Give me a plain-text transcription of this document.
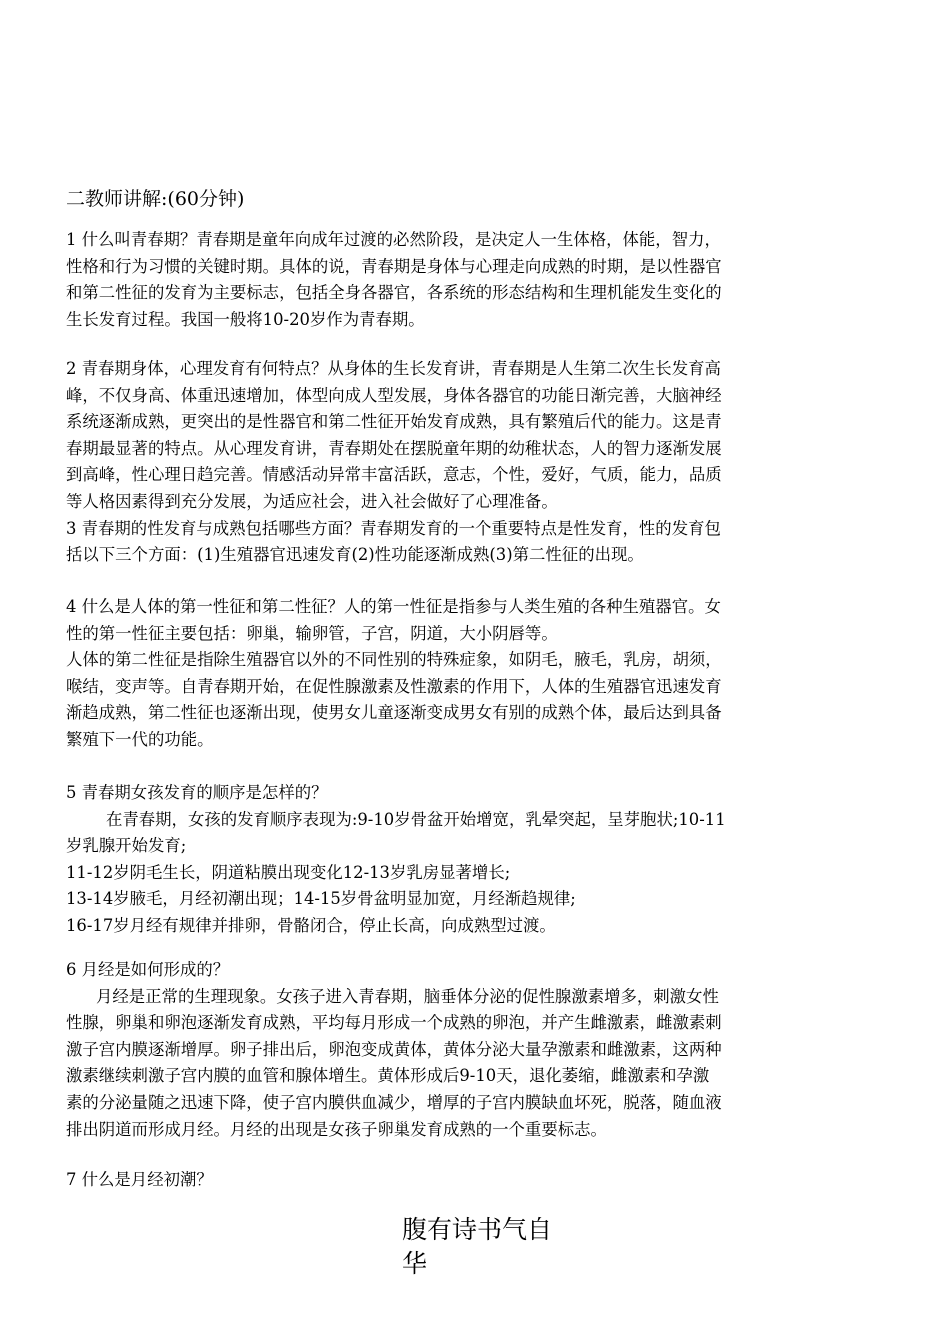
二教师讲解:(60分钟)
1 什么叫青春期？青春期是童年向成年过渡的必然阶段，是决定人一生体格，体能，智力，
性格和行为习惯的关键时期。具体的说，青春期是身体与心理走向成熟的时期，是以性器官
和第二性征的发育为主要标志，包括全身各器官，各系统的形态结构和生理机能发生变化的
生长发育过程。我国一般将10-20岁作为青春期。
2 青春期身体，心理发育有何特点？从身体的生长发育讲，青春期是人生第二次生长发育高
峰，不仅身高、体重迅速增加，体型向成人型发展，身体各器官的功能日渐完善，大脑神经
系统逐渐成熟，更突出的是性器官和第二性征开始发育成熟，具有繁殖后代的能力。这是青
春期最显著的特点。从心理发育讲，青春期处在摆脱童年期的幼稚状态，人的智力逐渐发展
到高峰，性心理日趋完善。情感活动异常丰富活跃，意志，个性，爱好，气质，能力，品质
等人格因素得到充分发展，为适应社会，进入社会做好了心理准备。
3 青春期的性发育与成熟包括哪些方面？青春期发育的一个重要特点是性发育，性的发育包
括以下三个方面：(1)生殖器官迅速发育(2)性功能逐渐成熟(3)第二性征的出现。
4 什么是人体的第一性征和第二性征？人的第一性征是指参与人类生殖的各种生殖器官。女
性的第一性征主要包括：卵巢，输卵管，子宫，阴道，大小阴唇等。
人体的第二性征是指除生殖器官以外的不同性别的特殊症象，如阴毛，腋毛，乳房，胡须，
喉结，变声等。自青春期开始，在促性腺激素及性激素的作用下，人体的生殖器官迅速发育
渐趋成熟，第二性征也逐渐出现，使男女儿童逐渐变成男女有别的成熟个体，最后达到具备
繁殖下一代的功能。
5 青春期女孩发育的顺序是怎样的？
在青春期，女孩的发育顺序表现为:9-10岁骨盆开始增宽，乳晕突起，呈芽胞状;10-11
岁乳腺开始发育;
11-12岁阴毛生长，阴道粘膜出现变化12-13岁乳房显著增长;
13-14岁腋毛，月经初潮出现；14-15岁骨盆明显加宽，月经渐趋规律;
16-17岁月经有规律并排卵，骨骼闭合，停止长高，向成熟型过渡。
6 月经是如何形成的？
月经是正常的生理现象。女孩子进入青春期，脑垂体分泌的促性腺激素增多，刺激女性
性腺，卵巢和卵泡逐渐发育成熟，平均每月形成一个成熟的卵泡，并产生雌激素，雌激素刺
激子宫内膜逐渐增厚。卵子排出后，卵泡变成黄体，黄体分泌大量孕激素和雌激素，这两种
激素继续刺激子宫内膜的血管和腺体增生。黄体形成后9-10天，退化萎缩，雌激素和孕激
素的分泌量随之迅速下降，使子宫内膜供血减少，增厚的子宫内膜缺血坏死，脱落，随血液
排出阴道而形成月经。月经的出现是女孩子卵巢发育成熟的一个重要标志。
7 什么是月经初潮？
腹有诗书气自
华
